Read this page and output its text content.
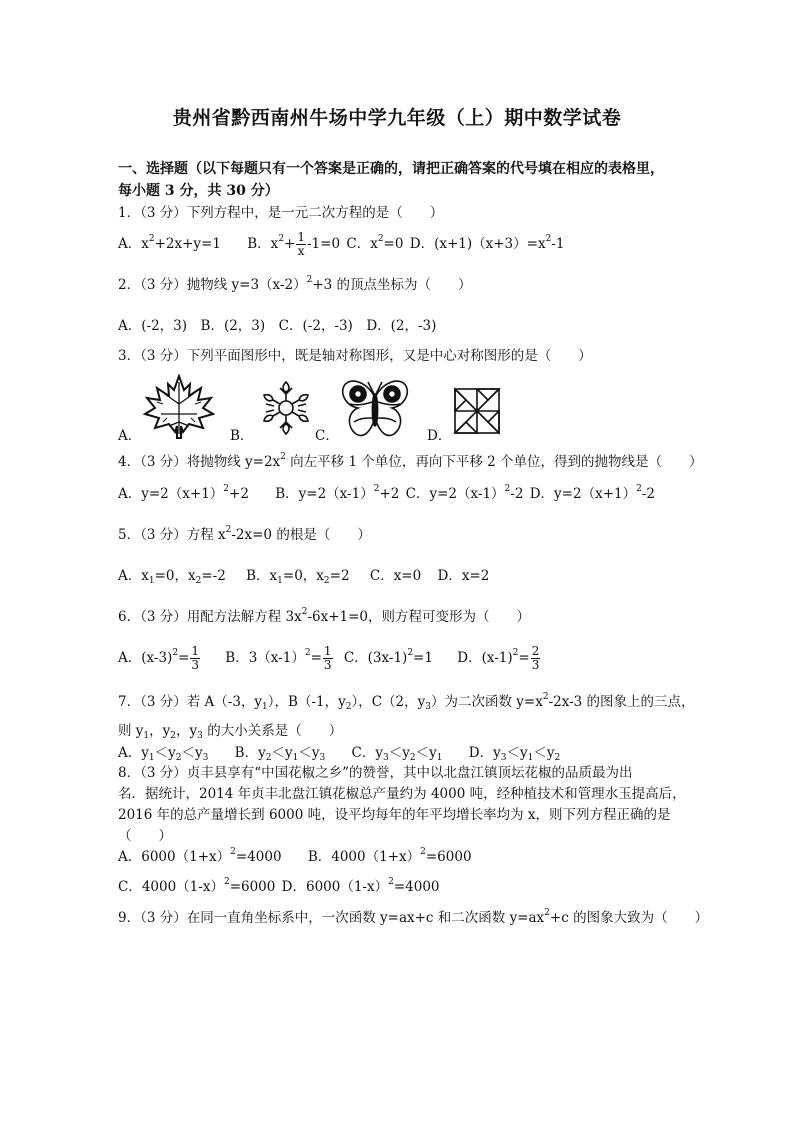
贵州省黔西南州牛场中学九年级（上）期中数学试卷
一、选择题（以下每题只有一个答案是正确的，请把正确答案的代号填在相应的表格里，
每小题 3 分，共 30 分）
1．（3 分）下列方程中，是一元二次方程的是（　　）
A．$x^2+2x+y=1$ B．$x^2+ \frac{1}{x} -1=0$ C．$x^2=0$ D．$(x+1)(x+3)=x^2-1$
2．（3 分）抛物线 $y=3(x-2)^2+3$ 的顶点坐标为（　　）
A．(-2，3)　B．(2，3)　C．(-2，-3)　D．(2，-3)
3．（3 分）下列平面图形中，既是轴对称图形，又是中心对称图形的是（　　）
A．	B．	C．	D．
4．（3 分）将抛物线 $y=2x^2$ 向左平移 1 个单位，再向下平移 2 个单位，得到的抛物线是（　　）
A．$y=2(x+1)^2+2$ B．$y=2(x-1)^2+2$ C．$y=2(x-1)^2-2$ D．$y=2(x+1)^2-2$
5．（3 分）方程 $x^2-2x=0$ 的根是（　　）
A．$x_1=0$，$x_2=-2$ B．$x_1=0$，$x_2=2$ C．x=0 D．x=2
6．（3 分）用配方法解方程 $3x^2-6x+1=0$，则方程可变形为（　　）
A．$(x-3)^2= \frac{1}{3}$ B．$3(x-1)^2= \frac{1}{3}$ C．$(3x-1)^2=1$ D．$(x-1)^2= \frac{2}{3}$
7．（3 分）若 A（-3，$y_1$），B（-1，$y_2$），C（2，$y_3$）为二次函数 $y=x^2-2x-3$ 的图象上的三点，
则 $y_1$，$y_2$，$y_3$ 的大小关系是（　　）
A．$y_1<y_2<y_3$ B．$y_2<y_1<y_3$ C．$y_3<y_2<y_1$ D．$y_3<y_1<y_2$
8．（3 分）贞丰县享有“中国花椒之乡”的赞誉，其中以北盘江镇顶坛花椒的品质最为出
名．据统计，2014 年贞丰北盘江镇花椒总产量约为 4000 吨，经种植技术和管理水玉提高后，
2016 年的总产量增长到 6000 吨，设平均每年的年平均增长率均为 x，则下列方程正确的是
（　　）
A．$6000(1+x)^2=4000$ B．$4000(1+x)^2=6000$
C．$4000(1-x)^2=6000$ D．$6000(1-x)^2=4000$
9．（3 分）在同一直角坐标系中，一次函数 y=ax+c 和二次函数 $y=ax^2+c$ 的图象大致为（　　）
